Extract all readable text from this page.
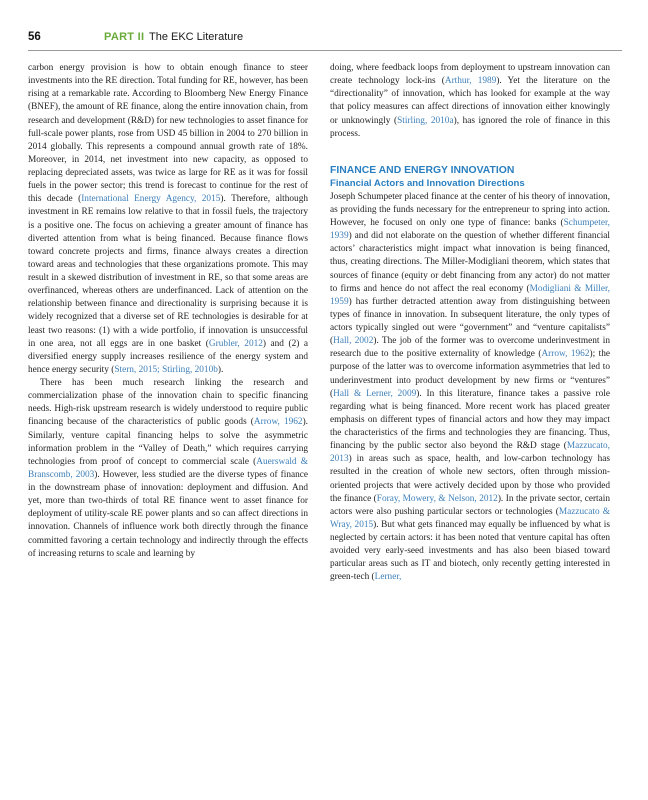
56	PART II The EKC Literature

carbon energy provision is how to obtain enough finance to steer investments into the RE direction. Total funding for RE, however, has been rising at a remarkable rate. According to Bloomberg New Energy Finance (BNEF), the amount of RE finance, along the entire innovation chain, from research and development (R&D) for new technologies to asset finance for full-scale power plants, rose from USD 45 billion in 2004 to 270 billion in 2014 globally. This represents a compound annual growth rate of 18%. Moreover, in 2014, net investment into new capacity, as opposed to replacing depreciated assets, was twice as large for RE as it was for fossil fuels in the power sector; this trend is forecast to continue for the rest of this decade (International Energy Agency, 2015). Therefore, although investment in RE remains low relative to that in fossil fuels, the trajectory is a positive one. The focus on achieving a greater amount of finance has diverted attention from what is being financed. Because finance flows toward concrete projects and firms, finance always creates a direction toward areas and technologies that these organizations promote. This may result in a skewed distribution of investment in RE, so that some areas are overfinanced, whereas others are underfinanced. Lack of attention on the relationship between finance and directionality is surprising because it is widely recognized that a diverse set of RE technologies is desirable for at least two reasons: (1) with a wide portfolio, if innovation is unsuccessful in one area, not all eggs are in one basket (Grubler, 2012) and (2) a diversified energy supply increases resilience of the energy system and hence energy security (Stern, 2015; Stirling, 2010b).

There has been much research linking the research and commercialization phase of the innovation chain to specific financing needs. High-risk upstream research is widely understood to require public financing because of the characteristics of public goods (Arrow, 1962). Similarly, venture capital financing helps to solve the asymmetric information problem in the “Valley of Death,” which requires carrying technologies from proof of concept to commercial scale (Auerswald & Branscomb, 2003). However, less studied are the diverse types of finance in the downstream phase of innovation: deployment and diffusion. And yet, more than two-thirds of total RE finance went to asset finance for deployment of utility-scale RE power plants and so can affect directions in innovation. Channels of influence work both directly through the finance committed favoring a certain technology and indirectly through the effects of increasing returns to scale and learning by

doing, where feedback loops from deployment to upstream innovation can create technology lock-ins (Arthur, 1989). Yet the literature on the “directionality” of innovation, which has looked for example at the way that policy measures can affect directions of innovation either knowingly or unknowingly (Stirling, 2010a), has ignored the role of finance in this process.

FINANCE AND ENERGY INNOVATION
Financial Actors and Innovation Directions

Joseph Schumpeter placed finance at the center of his theory of innovation, as providing the funds necessary for the entrepreneur to spring into action. However, he focused on only one type of finance: banks (Schumpeter, 1939) and did not elaborate on the question of whether different financial actors’ characteristics might impact what innovation is being financed, thus, creating directions. The Miller-Modigliani theorem, which states that sources of finance (equity or debt financing from any actor) do not matter to firms and hence do not affect the real economy (Modigliani & Miller, 1959) has further detracted attention away from distinguishing between types of finance in innovation. In subsequent literature, the only types of actors typically singled out were “government” and “venture capitalists” (Hall, 2002). The job of the former was to overcome underinvestment in research due to the positive externality of knowledge (Arrow, 1962); the purpose of the latter was to overcome information asymmetries that led to underinvestment into product development by new firms or “ventures” (Hall & Lerner, 2009). In this literature, finance takes a passive role regarding what is being financed. More recent work has placed greater emphasis on different types of financial actors and how they may impact the characteristics of the firms and technologies they are financing. Thus, financing by the public sector also beyond the R&D stage (Mazzucato, 2013) in areas such as space, health, and low-carbon technology has resulted in the creation of whole new sectors, often through mission-oriented projects that were actively decided upon by those who provided the finance (Foray, Mowery, & Nelson, 2012). In the private sector, certain actors were also pushing particular sectors or technologies (Mazzucato & Wray, 2015). But what gets financed may equally be influenced by what is neglected by certain actors: it has been noted that venture capital has often avoided very early-seed investments and has also been biased toward particular areas such as IT and biotech, only recently getting interested in green-tech (Lerner,
